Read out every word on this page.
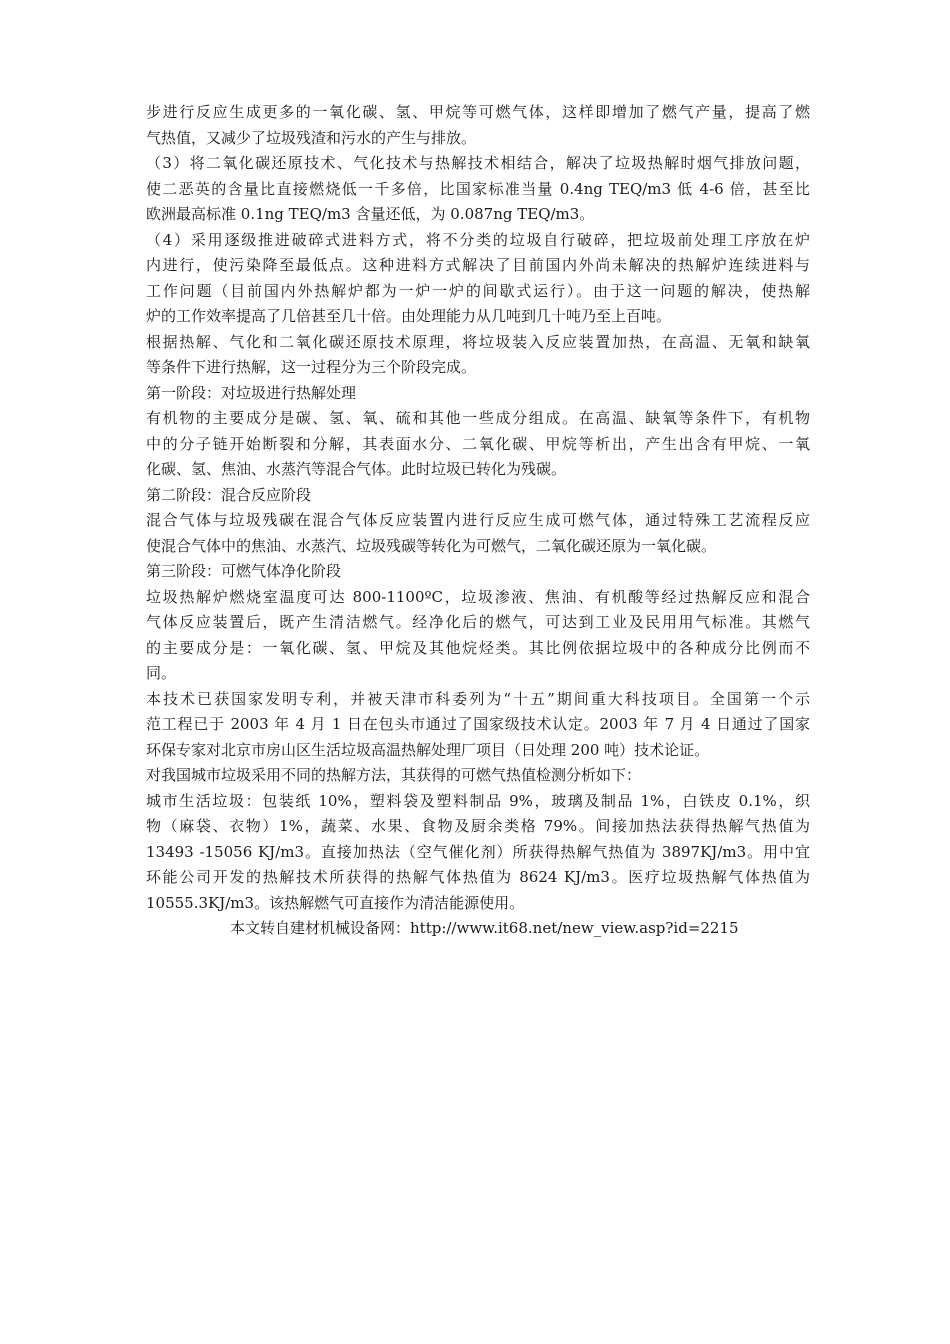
步进行反应生成更多的一氧化碳、氢、甲烷等可燃气体，这样即增加了燃气产量，提高了燃
气热值，又减少了垃圾残渣和污水的产生与排放。
（3）将二氧化碳还原技术、气化技术与热解技术相结合，解决了垃圾热解时烟气排放问题，
使二恶英的含量比直接燃烧低一千多倍，比国家标准当量 0.4ng TEQ/m3 低 4-6 倍，甚至比
欧洲最高标准 0.1ng TEQ/m3 含量还低，为 0.087ng TEQ/m3。
（4）采用逐级推进破碎式进料方式，将不分类的垃圾自行破碎，把垃圾前处理工序放在炉
内进行，使污染降至最低点。这种进料方式解决了目前国内外尚未解决的热解炉连续进料与
工作问题（目前国内外热解炉都为一炉一炉的间歇式运行）。由于这一问题的解决，使热解
炉的工作效率提高了几倍甚至几十倍。由处理能力从几吨到几十吨乃至上百吨。
根据热解、气化和二氧化碳还原技术原理，将垃圾装入反应装置加热，在高温、无氧和缺氧
等条件下进行热解，这一过程分为三个阶段完成。
第一阶段：对垃圾进行热解处理
有机物的主要成分是碳、氢、氧、硫和其他一些成分组成。在高温、缺氧等条件下，有机物
中的分子链开始断裂和分解，其表面水分、二氧化碳、甲烷等析出，产生出含有甲烷、一氧
化碳、氢、焦油、水蒸汽等混合气体。此时垃圾已转化为残碳。
第二阶段：混合反应阶段
混合气体与垃圾残碳在混合气体反应装置内进行反应生成可燃气体，通过特殊工艺流程反应
使混合气体中的焦油、水蒸汽、垃圾残碳等转化为可燃气，二氧化碳还原为一氧化碳。
第三阶段：可燃气体净化阶段
垃圾热解炉燃烧室温度可达 800-1100ºC，垃圾渗液、焦油、有机酸等经过热解反应和混合
气体反应装置后，既产生清洁燃气。经净化后的燃气，可达到工业及民用用气标准。其燃气
的主要成分是：一氧化碳、氢、甲烷及其他烷烃类。其比例依据垃圾中的各种成分比例而不
同。
本技术已获国家发明专利，并被天津市科委列为“十五”期间重大科技项目。全国第一个示
范工程已于 2003 年 4 月 1 日在包头市通过了国家级技术认定。2003 年 7 月 4 日通过了国家
环保专家对北京市房山区生活垃圾高温热解处理厂项目（日处理 200 吨）技术论证。
对我国城市垃圾采用不同的热解方法，其获得的可燃气热值检测分析如下：
城市生活垃圾：包装纸 10%，塑料袋及塑料制品 9%，玻璃及制品 1%，白铁皮 0.1%，织
物（麻袋、衣物）1%，蔬菜、水果、食物及厨余类格 79%。间接加热法获得热解气热值为
13493 -15056 KJ/m3。直接加热法（空气催化剂）所获得热解气热值为 3897KJ/m3。用中宜
环能公司开发的热解技术所获得的热解气体热值为 8624 KJ/m3。医疗垃圾热解气体热值为
10555.3KJ/m3。该热解燃气可直接作为清洁能源使用。
本文转自建材机械设备网：http://www.it68.net/new_view.asp?id=2215
